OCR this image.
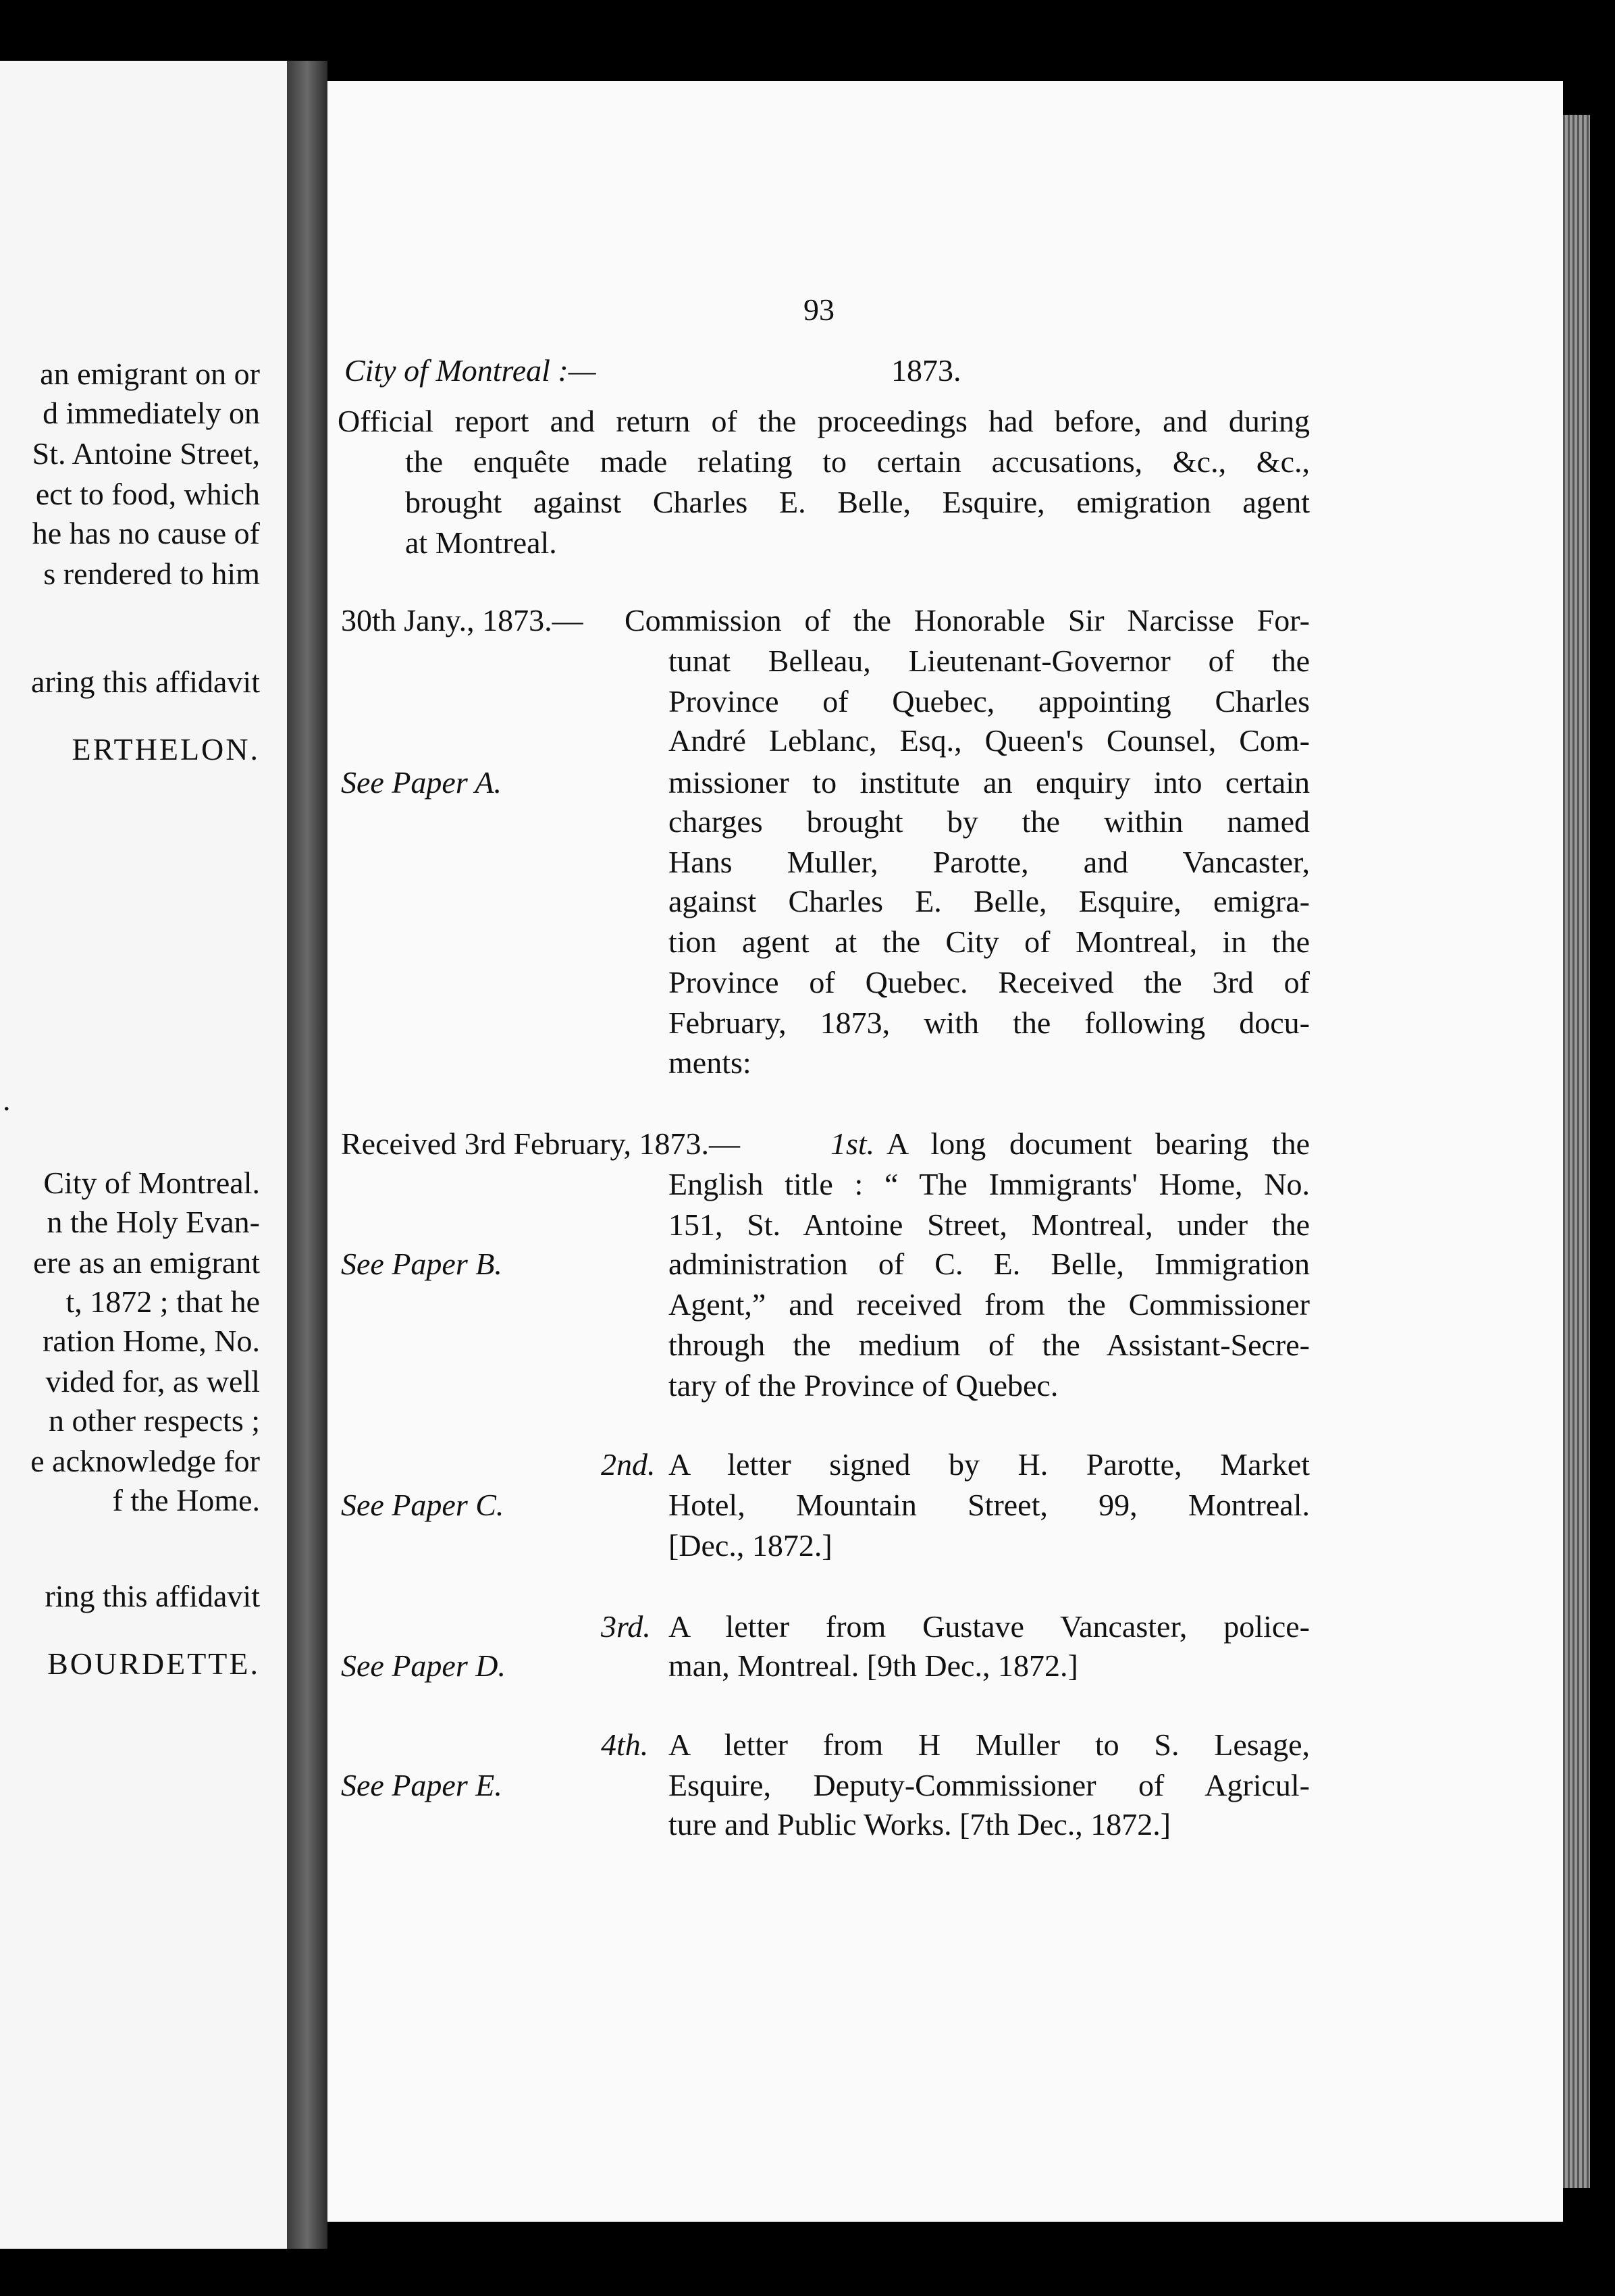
an emigrant on or
d immediately on
St. Antoine Street,
ect to food, which
he has no cause of
s rendered to him
aring this affidavit
ERTHELON.
.
City of Montreal.
n the Holy Evan-
ere as an emigrant
t, 1872 ; that he
ration Home, No.
vided for, as well
n other respects ;
e acknowledge for
f the Home.
ring this affidavit
BOURDETTE.
93
City of Montreal :—	1873.
Official report and return of the proceedings had before, and during
the enquête made relating to certain accusations, &c., &c.,
brought against Charles E. Belle, Esquire, emigration agent
at Montreal.
30th Jany., 1873.— Commission of the Honorable Sir Narcisse For-
tunat Belleau, Lieutenant-Governor of the
Province of Quebec, appointing Charles
André Leblanc, Esq., Queen's Counsel, Com-
See Paper A.	missioner to institute an enquiry into certain
charges brought by the within named
Hans Muller, Parotte, and Vancaster,
against Charles E. Belle, Esquire, emigra-
tion agent at the City of Montreal, in the
Province of Quebec. Received the 3rd of
February, 1873, with the following docu-
ments:
Received 3rd February, 1873.—	1st. A long document bearing the
English title : “ The Immigrants' Home, No.
151, St. Antoine Street, Montreal, under the
See Paper B.	administration of C. E. Belle, Immigration
Agent,” and received from the Commissioner
through the medium of the Assistant-Secre-
tary of the Province of Quebec.
2nd. A letter signed by H. Parotte, Market
See Paper C.	Hotel, Mountain Street, 99, Montreal.
[Dec., 1872.]
3rd. A letter from Gustave Vancaster, police-
See Paper D.	man, Montreal. [9th Dec., 1872.]
4th. A letter from H Muller to S. Lesage,
See Paper E.	Esquire, Deputy-Commissioner of Agricul-
ture and Public Works. [7th Dec., 1872.]
